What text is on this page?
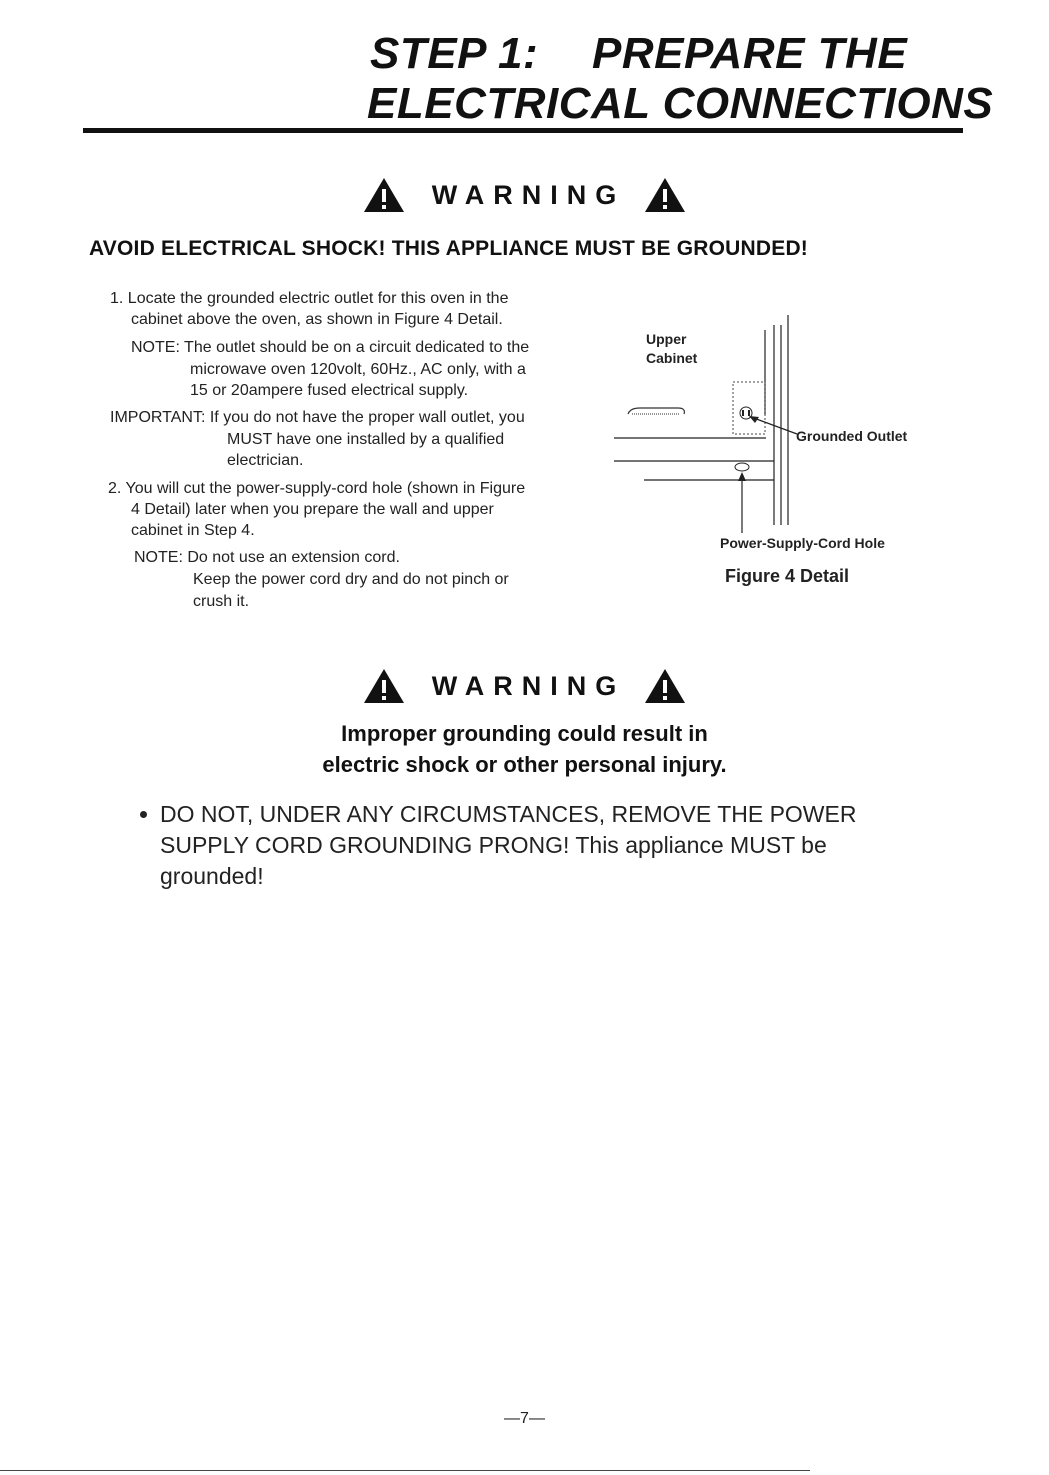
STEP 1: PREPARE THE
ELECTRICAL CONNECTIONS
WARNING
AVOID ELECTRICAL SHOCK! THIS APPLIANCE MUST BE GROUNDED!
1. Locate the grounded electric outlet for this oven in the
cabinet above the oven, as shown in Figure 4 Detail.
NOTE: The outlet should be on a circuit dedicated to the
microwave oven 120volt, 60Hz., AC only, with a
15 or 20ampere fused electrical supply.
IMPORTANT: If you do not have the proper wall outlet, you
MUST have one installed by a qualified
electrician.
2. You will cut the power-supply-cord hole (shown in Figure
4 Detail) later when you prepare the wall and upper
cabinet in Step 4.
NOTE: Do not use an extension cord.
Keep the power cord dry and do not pinch or
crush it.
Upper
Cabinet
Grounded Outlet
Power-Supply-Cord Hole
Figure 4 Detail
WARNING
Improper grounding could result in
electric shock or other personal injury.
DO NOT, UNDER ANY CIRCUMSTANCES, REMOVE THE POWER
SUPPLY CORD GROUNDING PRONG! This appliance MUST be
grounded!
—7—
